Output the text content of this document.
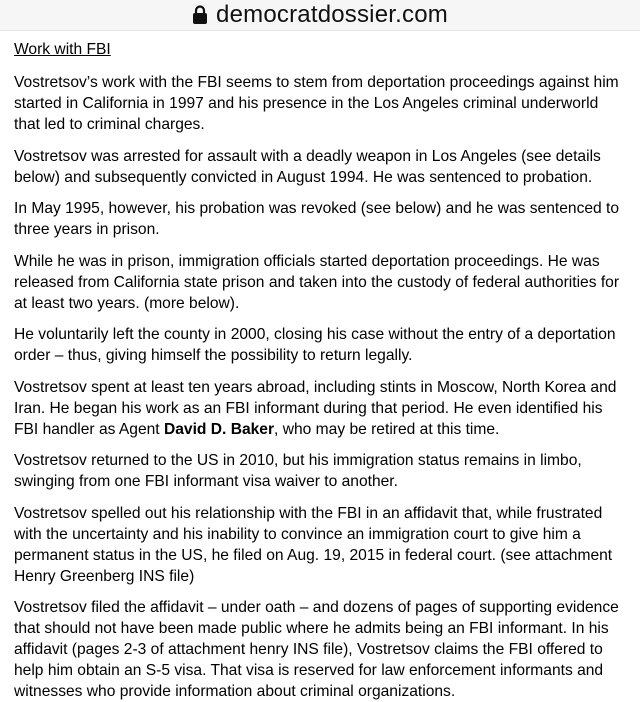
democratdossier.com
Work with FBI

Vostretsov’s work with the FBI seems to stem from deportation proceedings against him started in California in 1997 and his presence in the Los Angeles criminal underworld that led to criminal charges.

Vostretsov was arrested for assault with a deadly weapon in Los Angeles (see details below) and subsequently convicted in August 1994. He was sentenced to probation.

In May 1995, however, his probation was revoked (see below) and he was sentenced to three years in prison.

While he was in prison, immigration officials started deportation proceedings. He was released from California state prison and taken into the custody of federal authorities for at least two years. (more below).

He voluntarily left the county in 2000, closing his case without the entry of a deportation order – thus, giving himself the possibility to return legally.

Vostretsov spent at least ten years abroad, including stints in Moscow, North Korea and Iran. He began his work as an FBI informant during that period. He even identified his FBI handler as Agent David D. Baker, who may be retired at this time.

Vostretsov returned to the US in 2010, but his immigration status remains in limbo, swinging from one FBI informant visa waiver to another.

Vostretsov spelled out his relationship with the FBI in an affidavit that, while frustrated with the uncertainty and his inability to convince an immigration court to give him a permanent status in the US, he filed on Aug. 19, 2015 in federal court. (see attachment Henry Greenberg INS file)

Vostretsov filed the affidavit – under oath – and dozens of pages of supporting evidence that should not have been made public where he admits being an FBI informant. In his affidavit (pages 2-3 of attachment henry INS file), Vostretsov claims the FBI offered to help him obtain an S-5 visa. That visa is reserved for law enforcement informants and witnesses who provide information about criminal organizations.
